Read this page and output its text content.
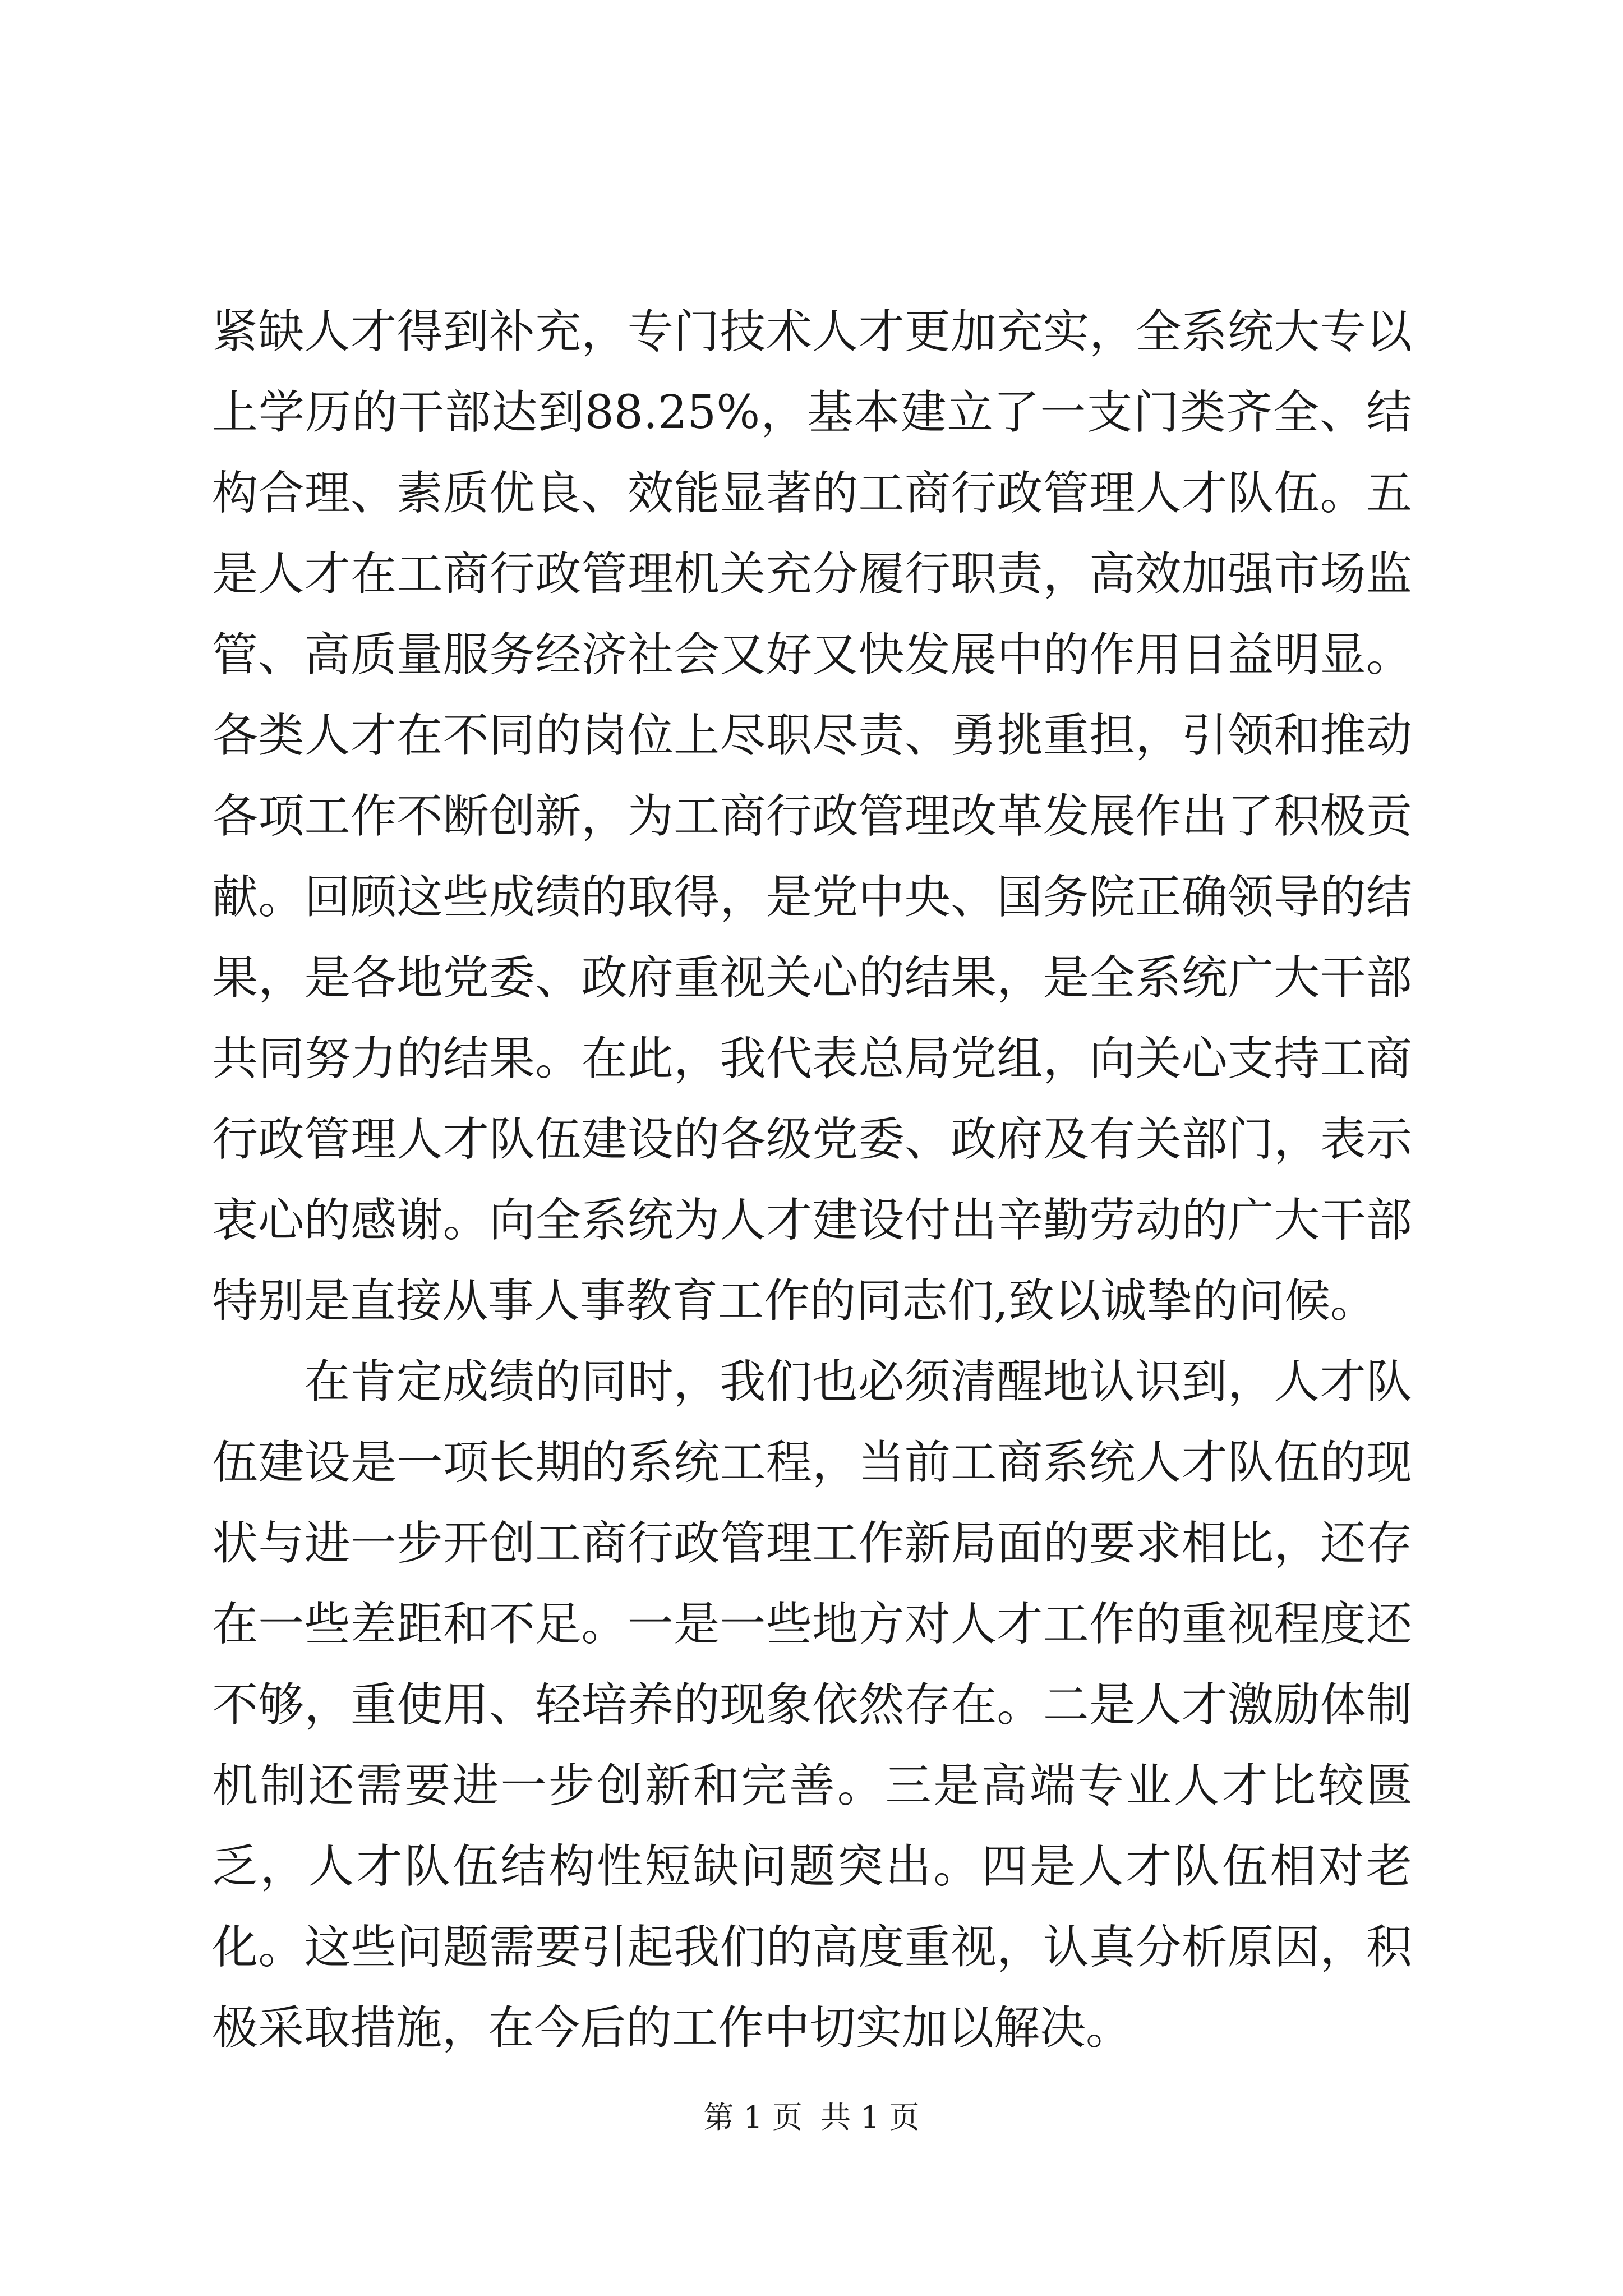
紧缺人才得到补充，专门技术人才更加充实，全系统大专以上学历的干部达到88.25%，基本建立了一支门类齐全、结构合理、素质优良、效能显著的工商行政管理人才队伍。五是人才在工商行政管理机关充分履行职责，高效加强市场监管、高质量服务经济社会又好又快发展中的作用日益明显。各类人才在不同的岗位上尽职尽责、勇挑重担，引领和推动各项工作不断创新，为工商行政管理改革发展作出了积极贡献。回顾这些成绩的取得，是党中央、国务院正确领导的结果，是各地党委、政府重视关心的结果，是全系统广大干部共同努力的结果。在此，我代表总局党组，向关心支持工商行政管理人才队伍建设的各级党委、政府及有关部门，表示衷心的感谢。向全系统为人才建设付出辛勤劳动的广大干部特别是直接从事人事教育工作的同志们,致以诚挚的问候。

在肯定成绩的同时，我们也必须清醒地认识到，人才队伍建设是一项长期的系统工程，当前工商系统人才队伍的现状与进一步开创工商行政管理工作新局面的要求相比，还存在一些差距和不足。一是一些地方对人才工作的重视程度还不够，重使用、轻培养的现象依然存在。二是人才激励体制机制还需要进一步创新和完善。三是高端专业人才比较匮乏，人才队伍结构性短缺问题突出。四是人才队伍相对老化。这些问题需要引起我们的高度重视，认真分析原因，积极采取措施，在今后的工作中切实加以解决。

第 1 页 共 1 页
